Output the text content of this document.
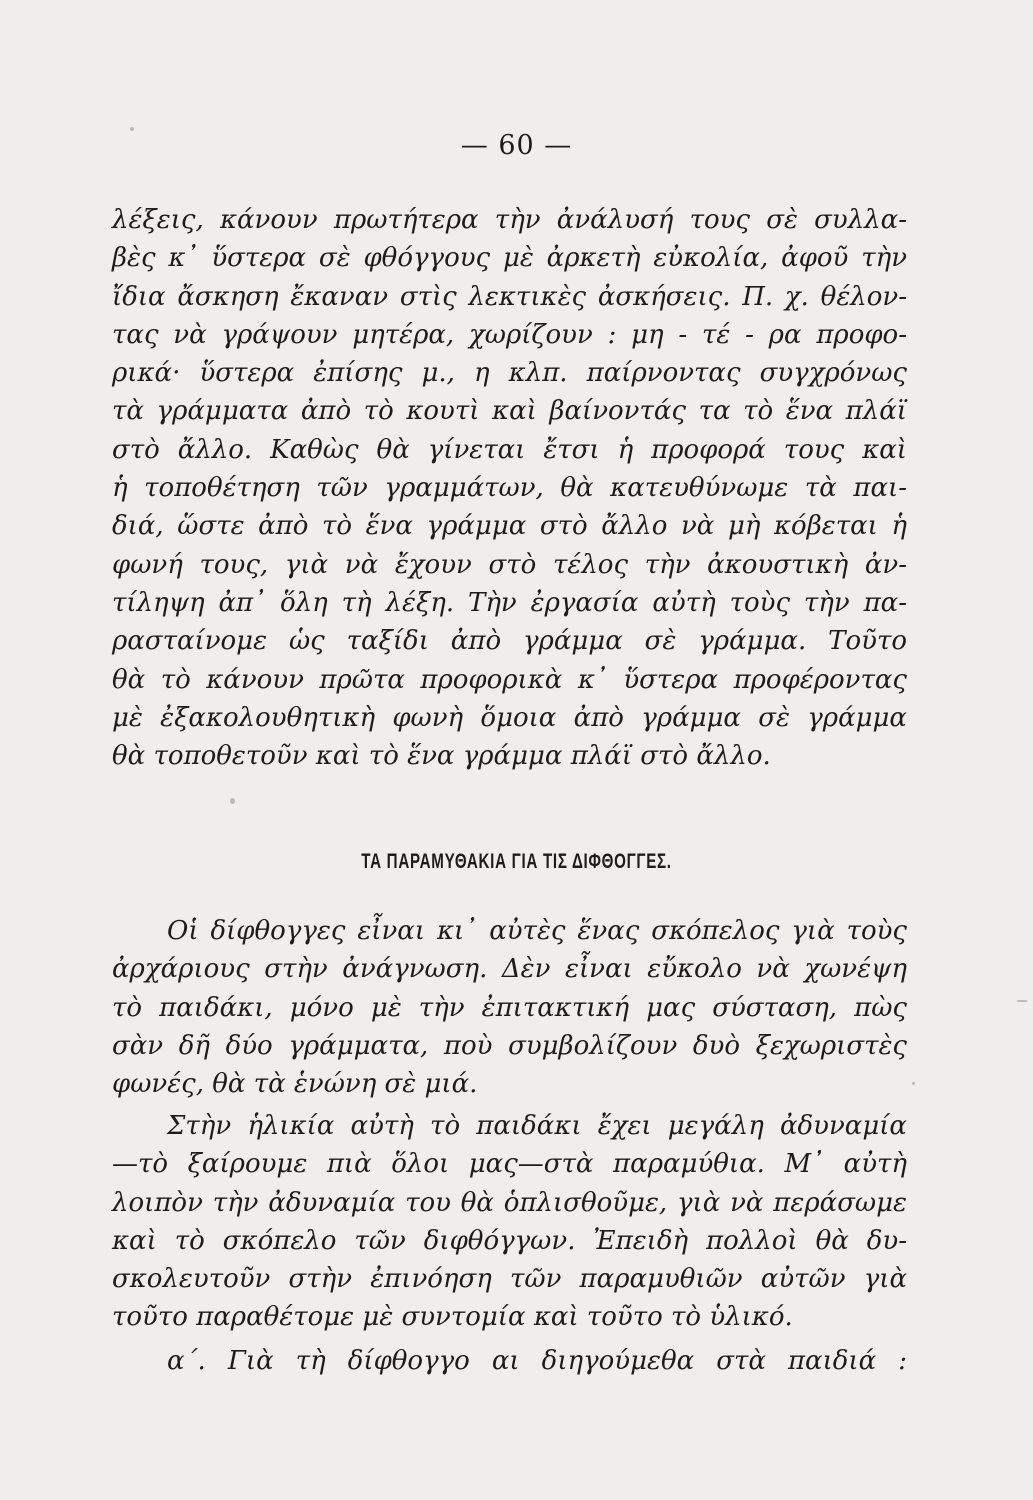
— 60 —
λέξεις, κάνουν πρωτήτερα τὴν ἀνάλυσή τους σὲ συλλα-
βὲς κ᾽ ὕστερα σὲ φθόγγους μὲ ἀρκετὴ εὐκολία, ἀφοῦ τὴν
ἴδια ἄσκηση ἔκαναν στὶς λεκτικὲς ἀσκήσεις. Π. χ. θέλον-
τας νὰ γράψουν μητέρα, χωρίζουν : μη - τέ - ρα προφο-
ρικά· ὕστερα ἐπίσης μ., η κλπ. παίρνοντας συγχρόνως
τὰ γράμματα ἀπὸ τὸ κουτὶ καὶ βαίνοντάς τα τὸ ἕνα πλάϊ
στὸ ἄλλο. Καθὼς θὰ γίνεται ἔτσι ἡ προφορά τους καὶ
ἡ τοποθέτηση τῶν γραμμάτων, θὰ κατευθύνωμε τὰ παι-
διά, ὥστε ἀπὸ τὸ ἕνα γράμμα στὸ ἄλλο νὰ μὴ κόβεται ἡ
φωνή τους, γιὰ νὰ ἔχουν στὸ τέλος τὴν ἀκουστικὴ ἀν-
τίληψη ἀπ᾽ ὅλη τὴ λέξη. Τὴν ἐργασία αὐτὴ τοὺς τὴν πα-
ρασταίνομε ὡς ταξίδι ἀπὸ γράμμα σὲ γράμμα. Τοῦτο
θὰ τὸ κάνουν πρῶτα προφορικὰ κ᾽ ὕστερα προφέροντας
μὲ ἐξακολουθητικὴ φωνὴ ὅμοια ἀπὸ γράμμα σὲ γράμμα
θὰ τοποθετοῦν καὶ τὸ ἕνα γράμμα πλάϊ στὸ ἄλλο.
ΤΑ ΠΑΡΑΜΥΘΑΚΙΑ ΓΙΑ ΤΙΣ ΔΙΦΘΟΓΓΕΣ.
Οἱ δίφθογγες εἶναι κι᾽ αὐτὲς ἕνας σκόπελος γιὰ τοὺς
ἀρχάριους στὴν ἀνάγνωση. Δὲν εἶναι εὔκολο νὰ χωνέψη
τὸ παιδάκι, μόνο μὲ τὴν ἐπιτακτική μας σύσταση, πὼς
σὰν δῆ δύο γράμματα, ποὺ συμβολίζουν δυὸ ξεχωριστὲς
φωνές, θὰ τὰ ἑνώνη σὲ μιά.
Στὴν ἡλικία αὐτὴ τὸ παιδάκι ἔχει μεγάλη ἀδυναμία
—τὸ ξαίρουμε πιὰ ὅλοι μας—στὰ παραμύθια. Μ᾽ αὐτὴ
λοιπὸν τὴν ἀδυναμία του θὰ ὁπλισθοῦμε, γιὰ νὰ περάσωμε
καὶ τὸ σκόπελο τῶν διφθόγγων. Ἐπειδὴ πολλοὶ θὰ δυ-
σκολευτοῦν στὴν ἐπινόηση τῶν παραμυθιῶν αὐτῶν γιὰ
τοῦτο παραθέτομε μὲ συντομία καὶ τοῦτο τὸ ὑλικό.
α΄. Γιὰ τὴ δίφθογγο αι διηγούμεθα στὰ παιδιά :
